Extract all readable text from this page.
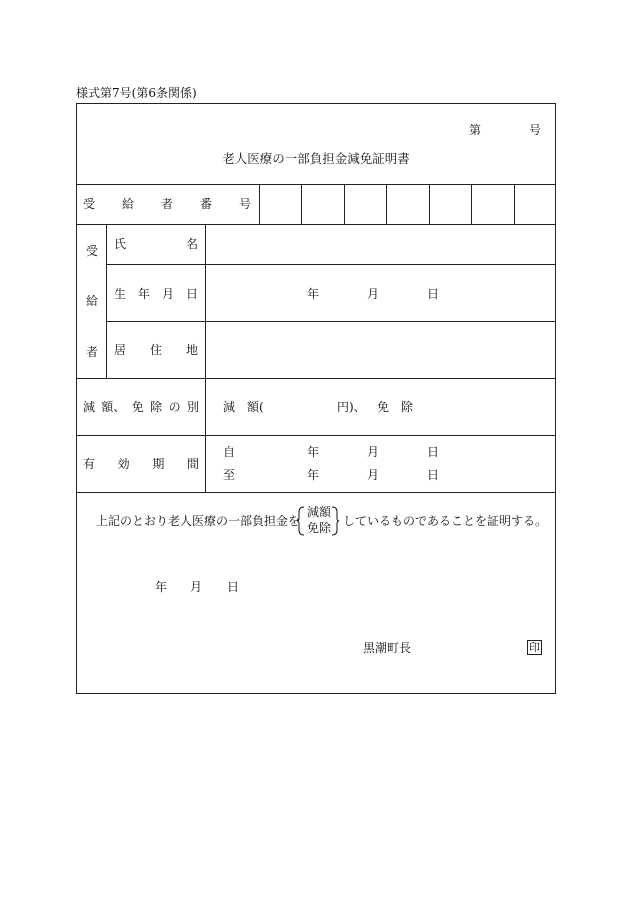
様式第7号(第6条関係)
第	号
老人医療の一部負担金減免証明書
受 給 者 番 号
受
給
者
氏	名
生 年 月 日	年	月	日
居 住 地
減 額、 免 除 の 別 減　額(	円)、 免　除
有 効 期 間
自	年	月	日
至	年	月	日
上記のとおり老人医療の一部負担金を
減額
免除 しているものであることを証明する。
年 月 日
黒潮町長	印
